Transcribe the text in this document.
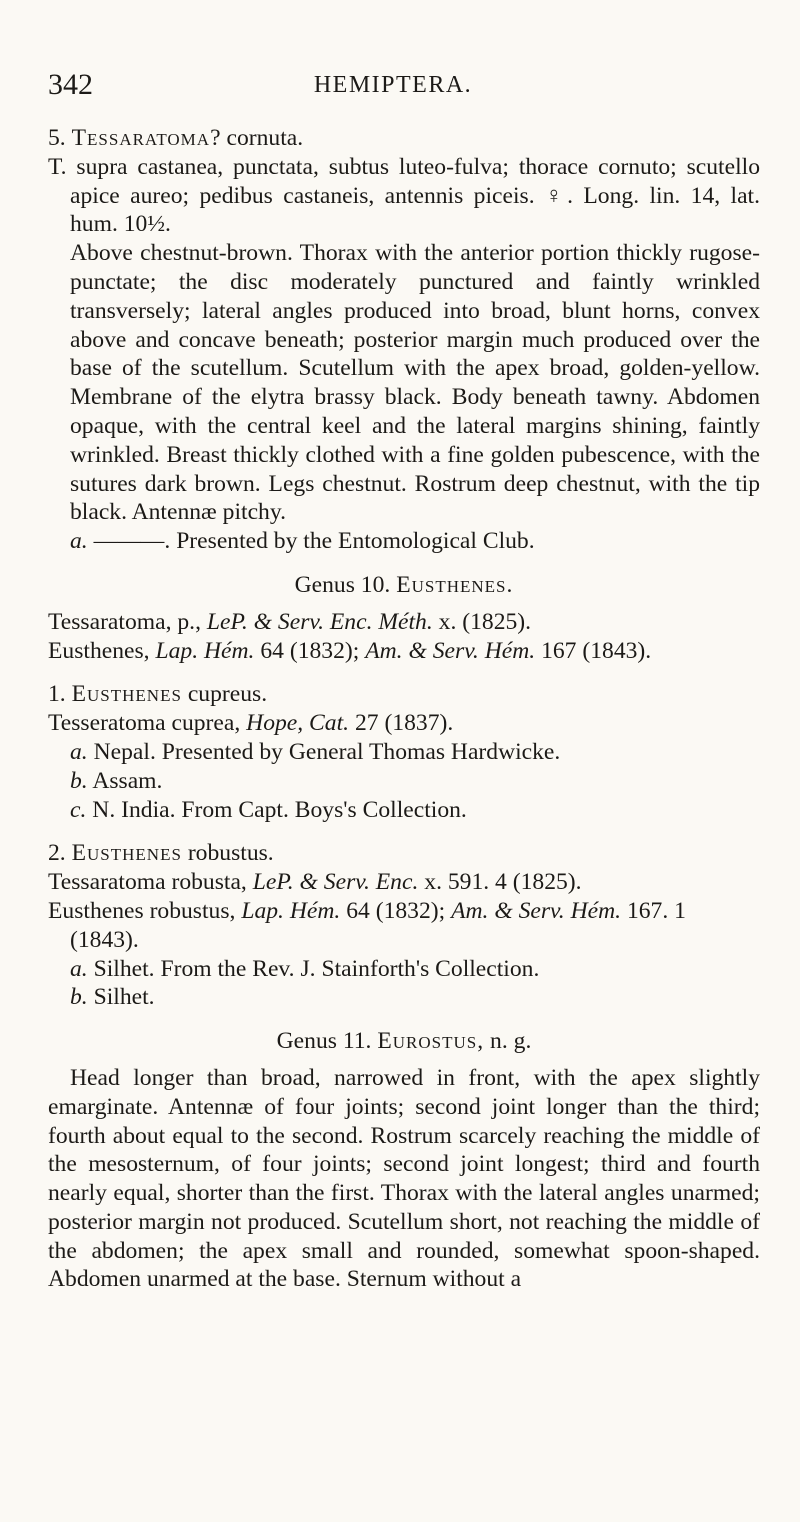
342	HEMIPTERA.

5. Tessaratoma? cornuta.

T. supra castanea, punctata, subtus luteo-fulva; thorace cornuto; scutello apice aureo; pedibus castaneis, antennis piceis. ♀. Long. lin. 14, lat. hum. 10½.

Above chestnut-brown. Thorax with the anterior portion thickly rugose-punctate; the disc moderately punctured and faintly wrinkled transversely; lateral angles produced into broad, blunt horns, convex above and concave beneath; posterior margin much produced over the base of the scutellum. Scutellum with the apex broad, golden-yellow. Membrane of the elytra brassy black. Body beneath tawny. Abdomen opaque, with the central keel and the lateral margins shining, faintly wrinkled. Breast thickly clothed with a fine golden pubescence, with the sutures dark brown. Legs chestnut. Rostrum deep chestnut, with the tip black. Antennæ pitchy.

a. ———. Presented by the Entomological Club.

Genus 10. Eusthenes.

Tessaratoma, p., LeP. & Serv. Enc. Méth. x. (1825).

Eusthenes, Lap. Hém. 64 (1832); Am. & Serv. Hém. 167 (1843).

1. Eusthenes cupreus.

Tesseratoma cuprea, Hope, Cat. 27 (1837).

a. Nepal. Presented by General Thomas Hardwicke.

b. Assam.

c. N. India. From Capt. Boys's Collection.

2. Eusthenes robustus.

Tessaratoma robusta, LeP. & Serv. Enc. x. 591. 4 (1825).

Eusthenes robustus, Lap. Hém. 64 (1832); Am. & Serv. Hém. 167. 1 (1843).

a. Silhet. From the Rev. J. Stainforth's Collection.

b. Silhet.

Genus 11. Eurostus, n. g.

Head longer than broad, narrowed in front, with the apex slightly emarginate. Antennæ of four joints; second joint longer than the third; fourth about equal to the second. Rostrum scarcely reaching the middle of the mesosternum, of four joints; second joint longest; third and fourth nearly equal, shorter than the first. Thorax with the lateral angles unarmed; posterior margin not produced. Scutellum short, not reaching the middle of the abdomen; the apex small and rounded, somewhat spoon-shaped. Abdomen unarmed at the base. Sternum without a
